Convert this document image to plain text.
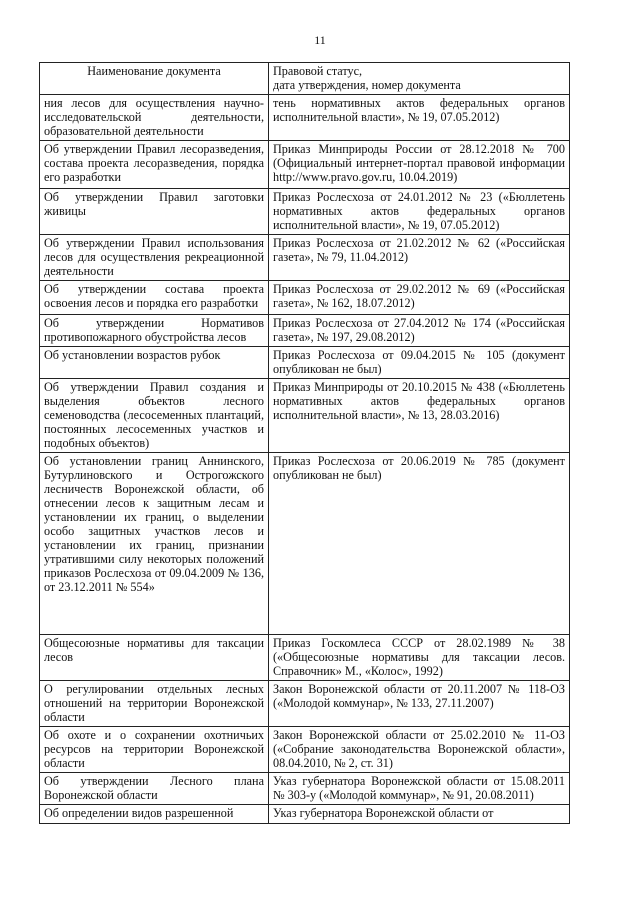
11
Наименование документа	Правовой статус,
дата утверждения, номер документа
ния лесов для осуществления научно-исследовательской деятельности, образовательной деятельности	тень нормативных актов федеральных органов исполнительной власти», № 19, 07.05.2012)
Об утверждении Правил лесоразведения, состава проекта лесоразведения, порядка его разработки	Приказ Минприроды России от 28.12.2018 № 700 (Официальный интернет-портал правовой информации http://www.pravo.gov.ru, 10.04.2019)
Об утверждении Правил заготовки живицы	Приказ Рослесхоза от 24.01.2012 № 23 («Бюллетень нормативных актов федеральных органов исполнительной власти», № 19, 07.05.2012)
Об утверждении Правил использования лесов для осуществления рекреационной деятельности	Приказ Рослесхоза от 21.02.2012 № 62 («Российская газета», № 79, 11.04.2012)
Об утверждении состава проекта освоения лесов и порядка его разработки	Приказ Рослесхоза от 29.02.2012 № 69 («Российская газета», № 162, 18.07.2012)
Об утверждении Нормативов противопожарного обустройства лесов	Приказ Рослесхоза от 27.04.2012 № 174 («Российская газета», № 197, 29.08.2012)
Об установлении возрастов рубок	Приказ Рослесхоза от 09.04.2015 № 105 (документ опубликован не был)
Об утверждении Правил создания и выделения объектов лесного семеноводства (лесосеменных плантаций, постоянных лесосеменных участков и подобных объектов)	Приказ Минприроды от 20.10.2015 № 438 («Бюллетень нормативных актов федеральных органов исполнительной власти», № 13, 28.03.2016)
Об установлении границ Аннинского, Бутурлиновского и Острогожского лесничеств Воронежской области, об отнесении лесов к защитным лесам и установлении их границ, о выделении особо защитных участков лесов и установлении их границ, признании утратившими силу некоторых положений приказов Рослесхоза от 09.04.2009 № 136, от 23.12.2011 № 554»	Приказ Рослесхоза от 20.06.2019 № 785 (документ опубликован не был)
Общесоюзные нормативы для таксации лесов	Приказ Госкомлеса СССР от 28.02.1989 № 38 («Общесоюзные нормативы для таксации лесов. Справочник» М., «Колос», 1992)
О регулировании отдельных лесных отношений на территории Воронежской области	Закон Воронежской области от 20.11.2007 № 118-ОЗ («Молодой коммунар», № 133, 27.11.2007)
Об охоте и о сохранении охотничьих ресурсов на территории Воронежской области	Закон Воронежской области от 25.02.2010 № 11-ОЗ («Собрание законодательства Воронежской области», 08.04.2010, № 2, ст. 31)
Об утверждении Лесного плана Воронежской области	Указ губернатора Воронежской области от 15.08.2011 № 303-у («Молодой коммунар», № 91, 20.08.2011)
Об определении видов разрешенной	Указ губернатора Воронежской области от
